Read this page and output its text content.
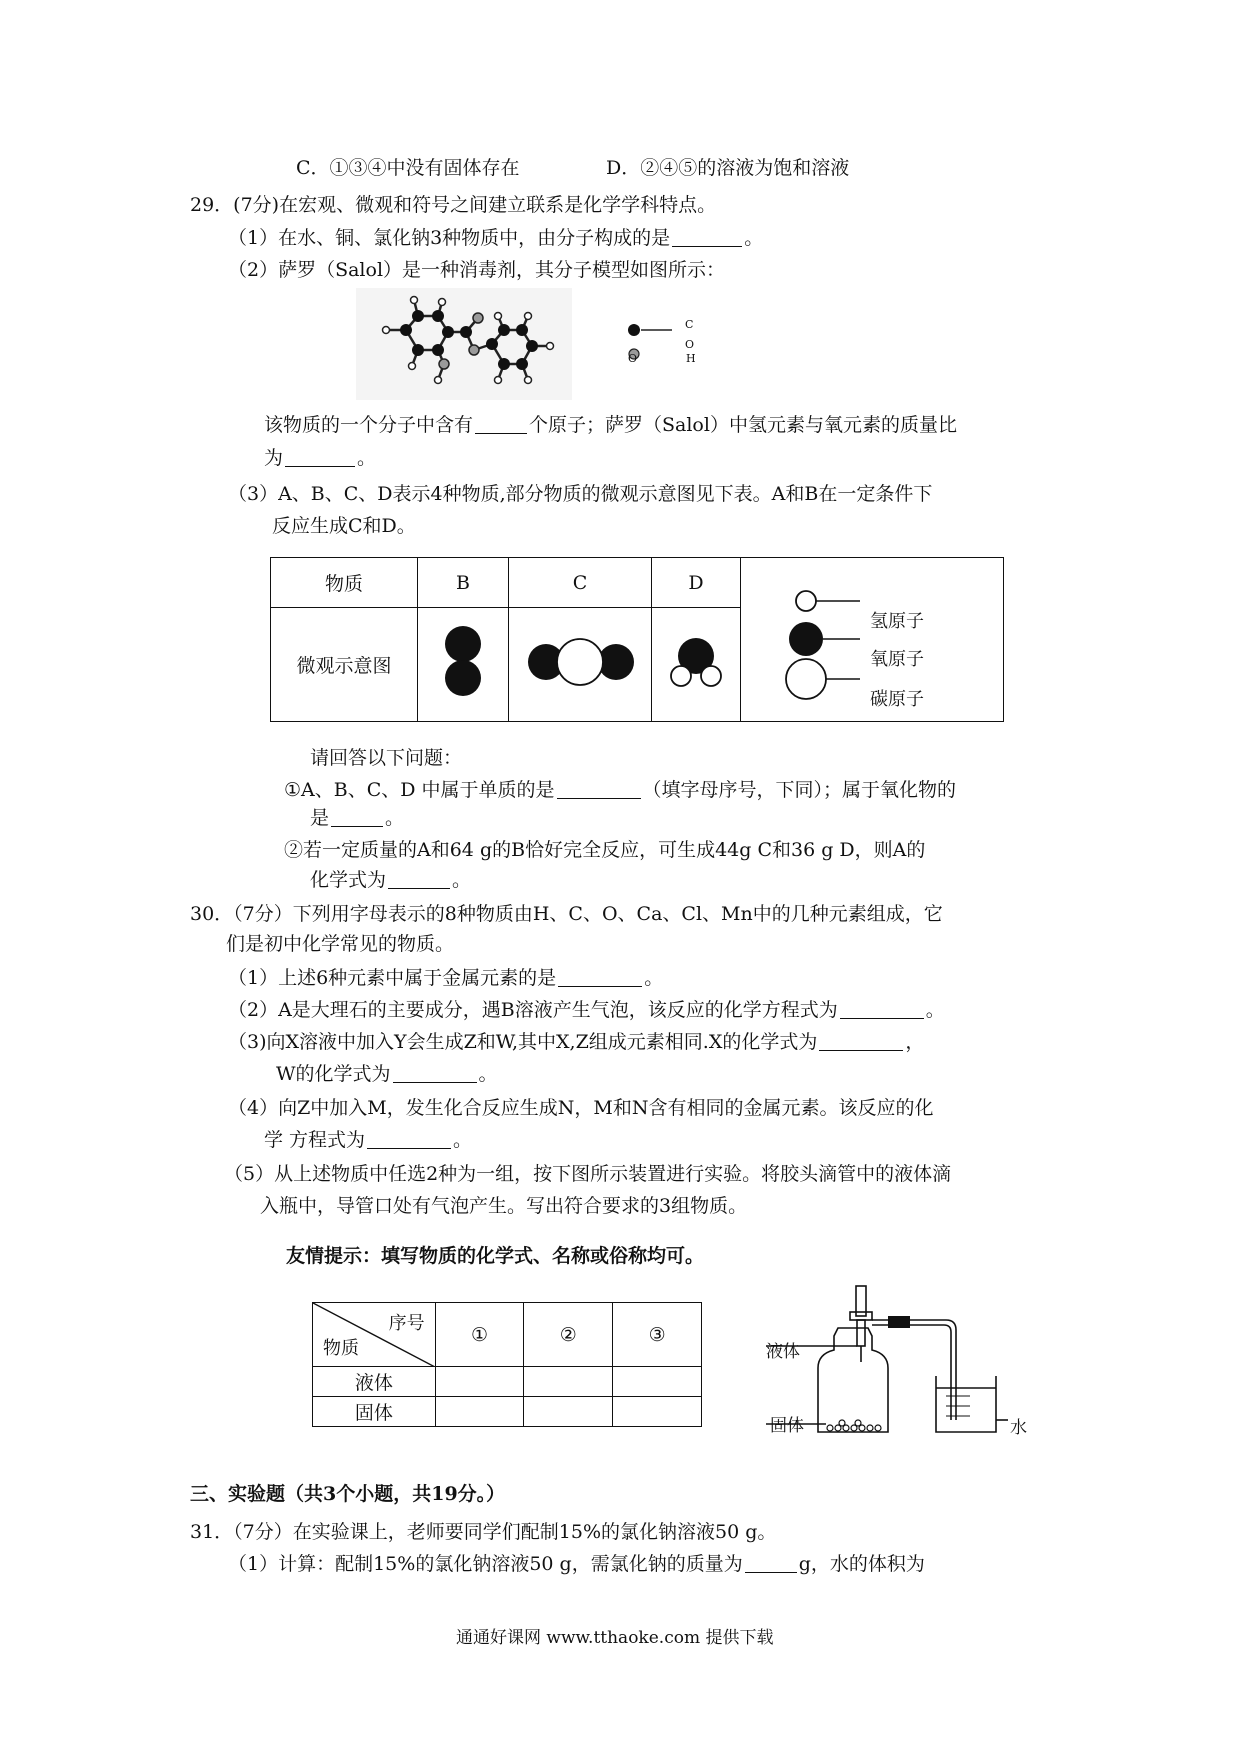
C．①③④中没有固体存在	D．②④⑤的溶液为饱和溶液
29．(7分)在宏观、微观和符号之间建立联系是化学学科特点。
（1）在水、铜、氯化钠3种物质中，由分子构成的是	。
（2）萨罗（Salol）是一种消毒剂，其分子模型如图所示：
C
O
O
H
该物质的一个分子中含有	个原子；萨罗（Salol）中氢元素与氧元素的质量比
为	。
（3）A、B、C、D表示4种物质,部分物质的微观示意图见下表。A和B在一定条件下
反应生成C和D。
物质	B	C	D	

微观示意图			
氢原子
氧原子
碳原子
请回答以下问题：
①A、B、C、D 中属于单质的是	（填字母序号，下同）；属于氧化物的
是	。
②若一定质量的A和64 g的B恰好完全反应，可生成44g C和36 g D，则A的
化学式为	。
30．（7分）下列用字母表示的8种物质由H、C、O、Ca、Cl、Mn中的几种元素组成，它
们是初中化学常见的物质。
（1）上述6种元素中属于金属元素的是	。
（2）A是大理石的主要成分，遇B溶液产生气泡，该反应的化学方程式为	。
（3)向X溶液中加入Y会生成Z和W,其中X,Z组成元素相同.X的化学式为	，
W的化学式为	。
（4）向Z中加入M，发生化合反应生成N，M和N含有相同的金属元素。该反应的化
学 方程式为	。
（5）从上述物质中任选2种为一组，按下图所示装置进行实验。将胶头滴管中的液体滴
入瓶中，导管口处有气泡产生。写出符合要求的3组物质。
友情提示：填写物质的化学式、名称或俗称均可。
序号
物质	①	②	③
液体			
固体			
液体
固体	水
三、实验题（共3个小题，共19分。）
31．（7分）在实验课上，老师要同学们配制15%的氯化钠溶液50 g。
（1）计算：配制15%的氯化钠溶液50 g，需氯化钠的质量为	g，水的体积为
通通好课网 www.tthaoke.com 提供下载
